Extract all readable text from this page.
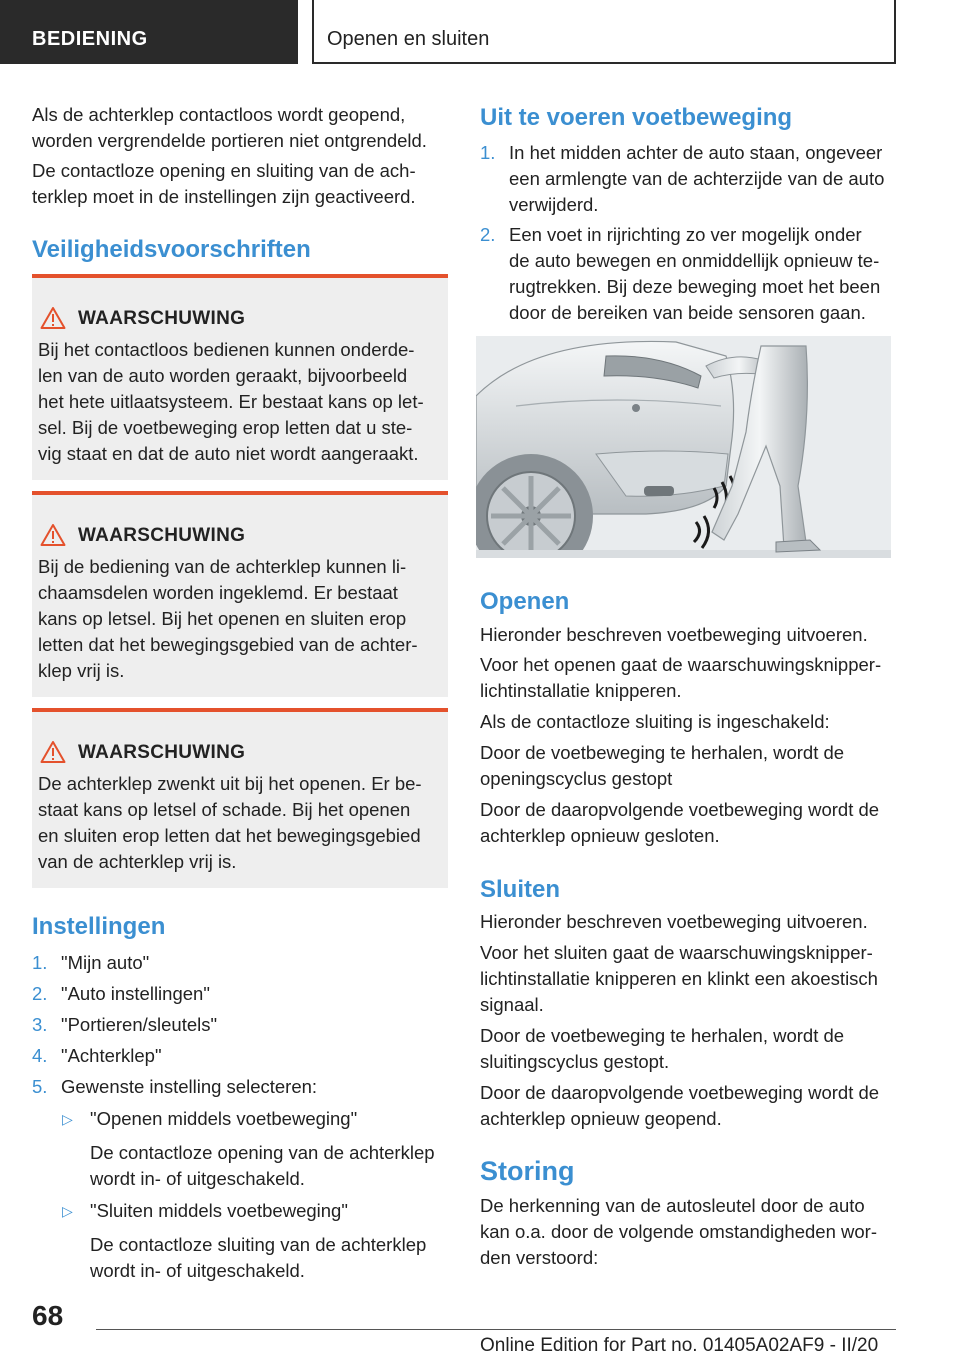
BEDIENING	Openen en sluiten

Als de achterklep contactloos wordt geopend,

worden vergrendelde portieren niet ontgrendeld.

De contactloze opening en sluiting van de ach‐

terklep moet in de instellingen zijn geactiveerd.

Veiligheidsvoorschriften
WAARSCHUWING
Bij het contactloos bedienen kunnen onderde‐
len van de auto worden geraakt, bijvoorbeeld
het hete uitlaatsysteem. Er bestaat kans op let‐
sel. Bij de voetbeweging erop letten dat u ste‐
vig staat en dat de auto niet wordt aangeraakt.
WAARSCHUWING
Bij de bediening van de achterklep kunnen li‐
chaamsdelen worden ingeklemd. Er bestaat
kans op letsel. Bij het openen en sluiten erop
letten dat het bewegingsgebied van de achter‐
klep vrij is.
WAARSCHUWING
De achterklep zwenkt uit bij het openen. Er be‐
staat kans op letsel of schade. Bij het openen
en sluiten erop letten dat het bewegingsgebied
van de achterklep vrij is.
Instellingen
1. "Mijn auto"
2. "Auto instellingen"
3. "Portieren/sleutels"
4. "Achterklep"
5. Gewenste instelling selecteren:
▷ "Openen middels voetbeweging"
De contactloze opening van de achterklep
wordt in- of uitgeschakeld.
▷ "Sluiten middels voetbeweging"
De contactloze sluiting van de achterklep
wordt in- of uitgeschakeld.
Uit te voeren voetbeweging
1. In het midden achter de auto staan, ongeveer
een armlengte van de achterzijde van de auto
verwijderd.
2. Een voet in rijrichting zo ver mogelijk onder
de auto bewegen en onmiddellijk opnieuw te‐
rugtrekken. Bij deze beweging moet het been
door de bereiken van beide sensoren gaan.
Openen

Hieronder beschreven voetbeweging uitvoeren.

Voor het openen gaat de waarschuwingsknipper‐

lichtinstallatie knipperen.

Als de contactloze sluiting is ingeschakeld:

Door de voetbeweging te herhalen, wordt de

openingscyclus gestopt

Door de daaropvolgende voetbeweging wordt de

achterklep opnieuw gesloten.

Sluiten

Hieronder beschreven voetbeweging uitvoeren.

Voor het sluiten gaat de waarschuwingsknipper‐

lichtinstallatie knipperen en klinkt een akoestisch

signaal.

Door de voetbeweging te herhalen, wordt de

sluitingscyclus gestopt.

Door de daaropvolgende voetbeweging wordt de

achterklep opnieuw geopend.

Storing

De herkenning van de autosleutel door de auto

kan o.a. door de volgende omstandigheden wor‐

den verstoord:

68
Online Edition for Part no. 01405A02AF9 - II/20
